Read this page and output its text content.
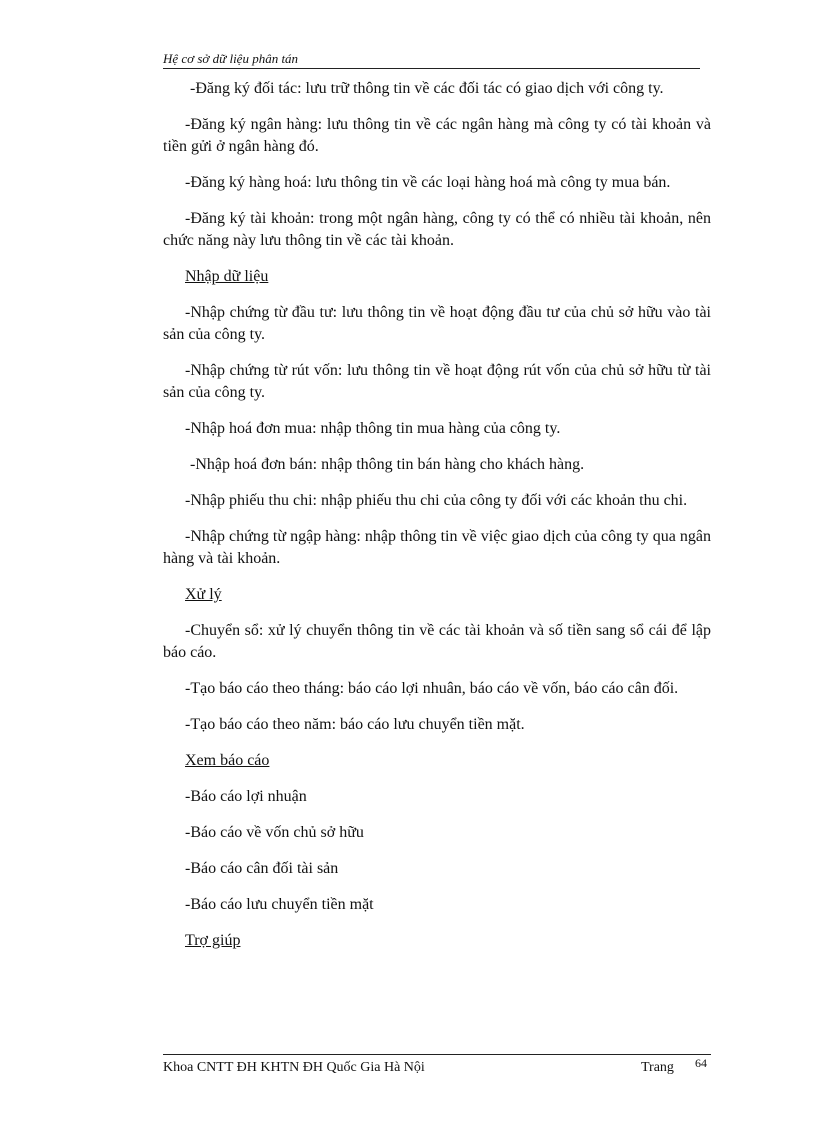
Hệ cơ sở dữ liệu phân tán

-Đăng ký đối tác: lưu trữ thông tin về các đối tác có giao dịch với công ty.

-Đăng ký ngân hàng: lưu thông tin về các ngân hàng mà công ty có tài khoản và tiền gửi ở ngân hàng đó.

-Đăng ký hàng hoá: lưu thông tin về các loại hàng hoá mà công ty mua bán.

-Đăng ký tài khoản: trong một ngân hàng, công ty có thể có nhiều tài khoản, nên chức năng này lưu thông tin về các tài khoản.

Nhập dữ liệu

-Nhập chứng từ đầu tư: lưu thông tin về hoạt động đầu tư của chủ sở hữu vào tài sản của công ty.

-Nhập chứng từ rút vốn: lưu thông tin về hoạt động rút vốn của chủ sở hữu từ tài sản của công ty.

-Nhập hoá đơn mua: nhập thông tin mua hàng của công ty.

-Nhập hoá đơn bán: nhập thông tin bán hàng cho khách hàng.

-Nhập phiếu thu chi: nhập phiếu thu chi của công ty đối với các khoản thu chi.

-Nhập chứng từ ngập hàng: nhập thông tin về việc giao dịch của công ty qua ngân hàng và tài khoản.

Xử lý

-Chuyển sổ: xử lý chuyển thông tin về các tài khoản và số tiền sang sổ cái để lập báo cáo.

-Tạo báo cáo theo tháng: báo cáo lợi nhuân, báo cáo về vốn, báo cáo cân đối.

-Tạo báo cáo theo năm: báo cáo lưu chuyển tiền mặt.

Xem báo cáo

-Báo cáo lợi nhuận

-Báo cáo về vốn chủ sở hữu

-Báo cáo cân đối tài sản

-Báo cáo lưu chuyển tiền mặt

Trợ giúp
Khoa CNTT ĐH KHTN ĐH Quốc Gia Hà Nội	Trang 64
